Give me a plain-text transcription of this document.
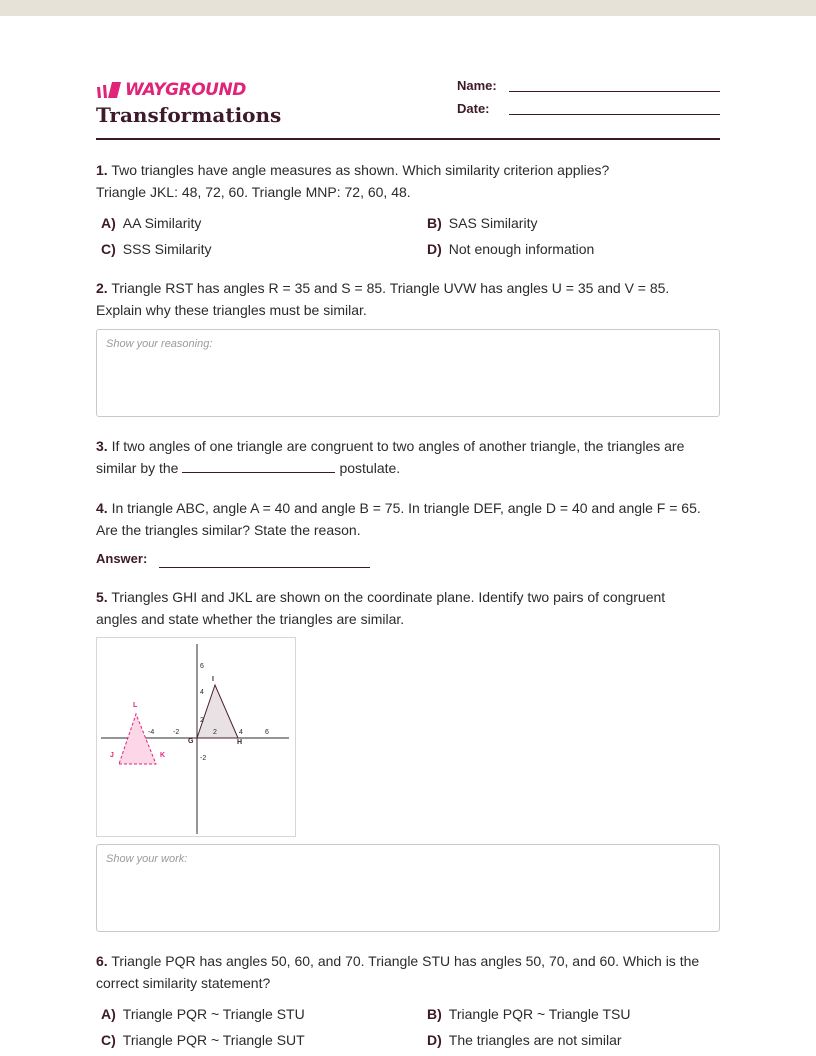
WAYGROUND
Transformations
Name:
Date:
1. Two triangles have angle measures as shown. Which similarity criterion applies?
Triangle JKL: 48, 72, 60. Triangle MNP: 72, 60, 48.
A) AA Similarity	B) SAS Similarity
C) SSS Similarity	D) Not enough information
2. Triangle RST has angles R = 35 and S = 85. Triangle UVW has angles U = 35 and V = 85.
Explain why these triangles must be similar.
Show your reasoning:
3. If two angles of one triangle are congruent to two angles of another triangle, the triangles are
similar by the	postulate.
4. In triangle ABC, angle A = 40 and angle B = 75. In triangle DEF, angle D = 40 and angle F = 65.
Are the triangles similar? State the reason.
Answer:
5. Triangles GHI and JKL are shown on the coordinate plane. Identify two pairs of congruent
angles and state whether the triangles are similar.
-4	-2	2	4	6
6
4
2
-2
G	H
I
J	K
L
Show your work:
6. Triangle PQR has angles 50, 60, and 70. Triangle STU has angles 50, 70, and 60. Which is the
correct similarity statement?
A) Triangle PQR ~ Triangle STU	B) Triangle PQR ~ Triangle TSU
C) Triangle PQR ~ Triangle SUT	D) The triangles are not similar
